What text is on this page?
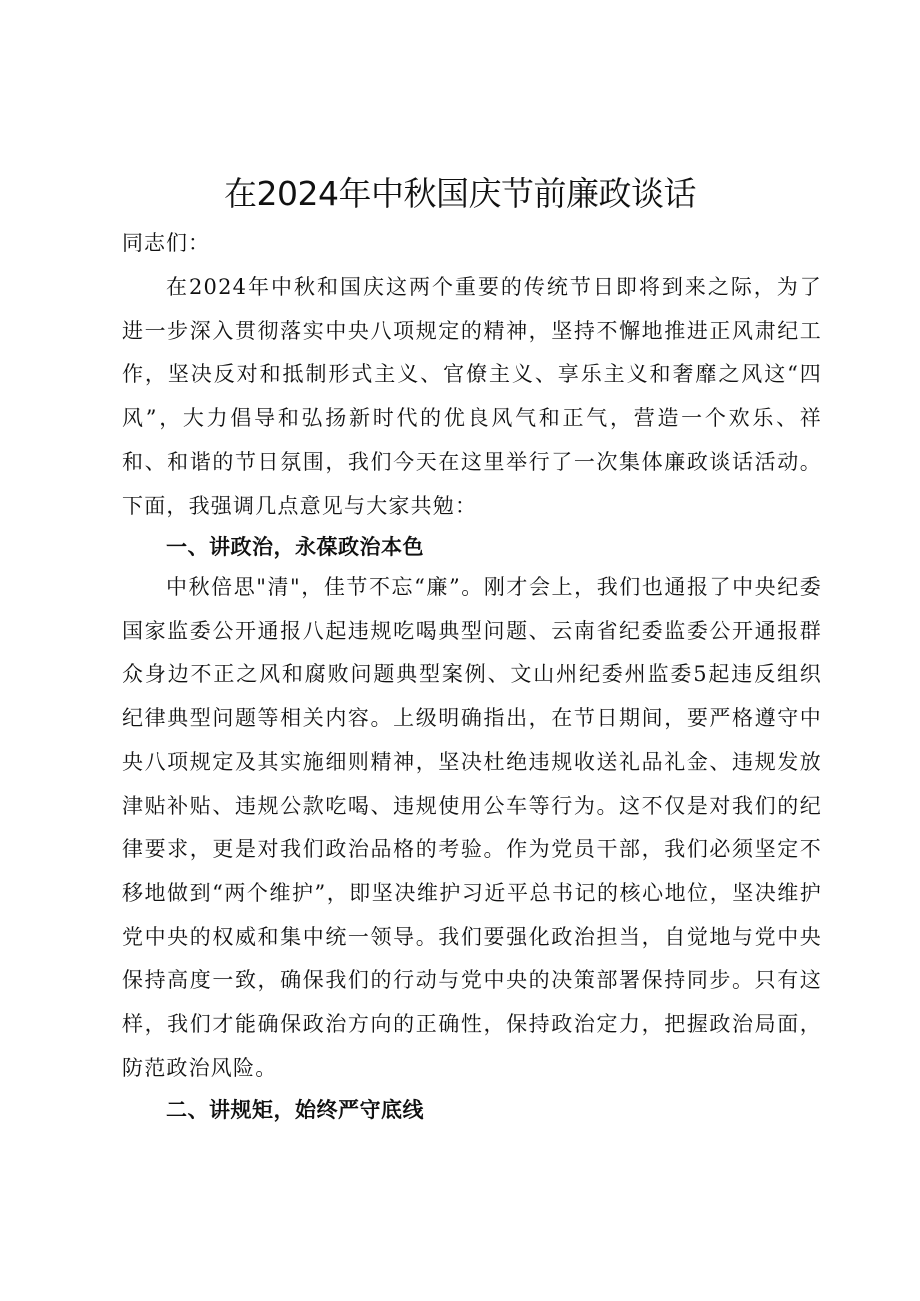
在2024年中秋国庆节前廉政谈话

同志们：

在2024年中秋和国庆这两个重要的传统节日即将到来之际，为了进一步深入贯彻落实中央八项规定的精神，坚持不懈地推进正风肃纪工作，坚决反对和抵制形式主义、官僚主义、享乐主义和奢靡之风这“四风”，大力倡导和弘扬新时代的优良风气和正气，营造一个欢乐、祥和、和谐的节日氛围，我们今天在这里举行了一次集体廉政谈话活动。下面，我强调几点意见与大家共勉：

一、讲政治，永葆政治本色

中秋倍思"清"，佳节不忘“廉”。刚才会上，我们也通报了中央纪委国家监委公开通报八起违规吃喝典型问题、云南省纪委监委公开通报群众身边不正之风和腐败问题典型案例、文山州纪委州监委5起违反组织纪律典型问题等相关内容。上级明确指出，在节日期间，要严格遵守中央八项规定及其实施细则精神，坚决杜绝违规收送礼品礼金、违规发放津贴补贴、违规公款吃喝、违规使用公车等行为。这不仅是对我们的纪律要求，更是对我们政治品格的考验。作为党员干部，我们必须坚定不移地做到“两个维护”，即坚决维护习近平总书记的核心地位，坚决维护党中央的权威和集中统一领导。我们要强化政治担当，自觉地与党中央保持高度一致，确保我们的行动与党中央的决策部署保持同步。只有这样，我们才能确保政治方向的正确性，保持政治定力，把握政治局面，防范政治风险。

二、讲规矩，始终严守底线
